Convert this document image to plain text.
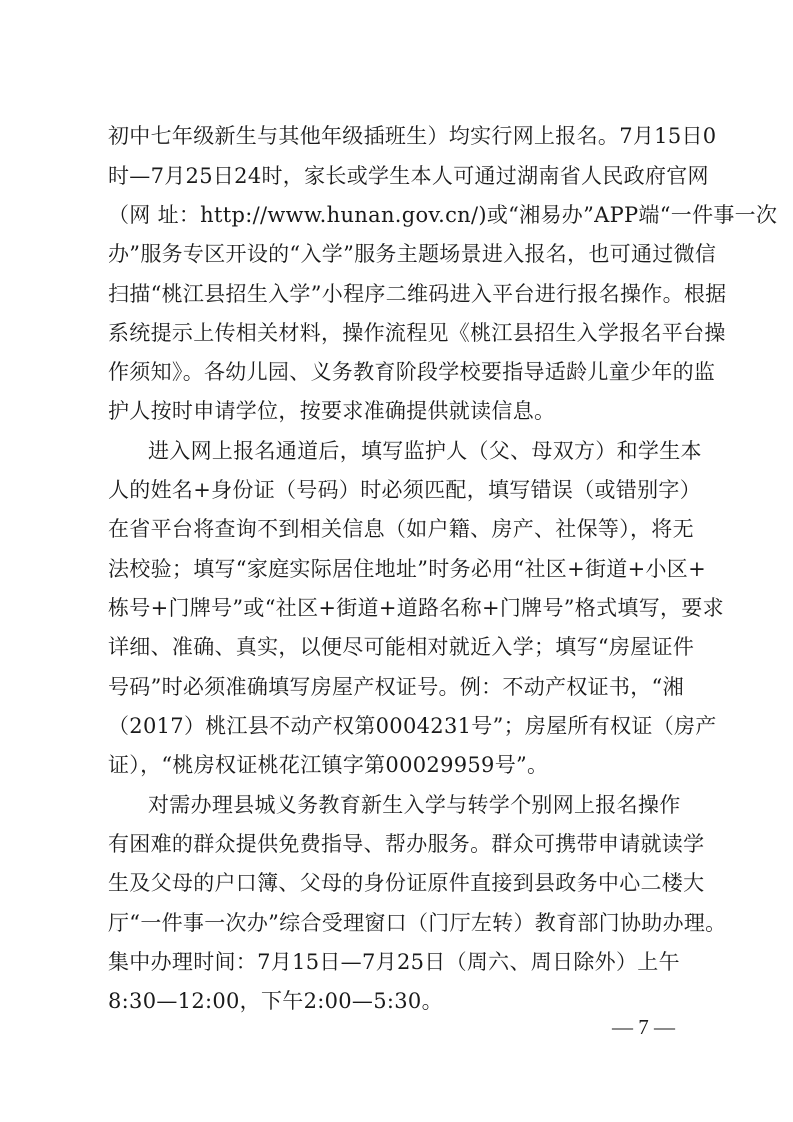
初中七年级新生与其他年级插班生）均实行网上报名。7月15日0
时—7月25日24时，家长或学生本人可通过湖南省人民政府官网
（网 址：http://www.hunan.gov.cn/)或“湘易办”APP端“一件事一次
办”服务专区开设的“入学”服务主题场景进入报名，也可通过微信
扫描“桃江县招生入学”小程序二维码进入平台进行报名操作。根据
系统提示上传相关材料，操作流程见《桃江县招生入学报名平台操
作须知》。各幼儿园、义务教育阶段学校要指导适龄儿童少年的监
护人按时申请学位，按要求准确提供就读信息。
进入网上报名通道后，填写监护人（父、母双方）和学生本
人的姓名+身份证（号码）时必须匹配，填写错误（或错别字）
在省平台将查询不到相关信息（如户籍、房产、社保等），将无
法校验；填写“家庭实际居住地址”时务必用“社区+街道+小区+
栋号+门牌号”或“社区+街道+道路名称+门牌号”格式填写，要求
详细、准确、真实，以便尽可能相对就近入学；填写“房屋证件
号码”时必须准确填写房屋产权证号。例：不动产权证书，“湘
（2017）桃江县不动产权第0004231号”；房屋所有权证（房产
证），“桃房权证桃花江镇字第00029959号”。
对需办理县城义务教育新生入学与转学个别网上报名操作
有困难的群众提供免费指导、帮办服务。群众可携带申请就读学
生及父母的户口簿、父母的身份证原件直接到县政务中心二楼大
厅“一件事一次办”综合受理窗口（门厅左转）教育部门协助办理。
集中办理时间：7月15日—7月25日（周六、周日除外）上午
8:30—12:00，下午2:00—5:30。
— 7 —
